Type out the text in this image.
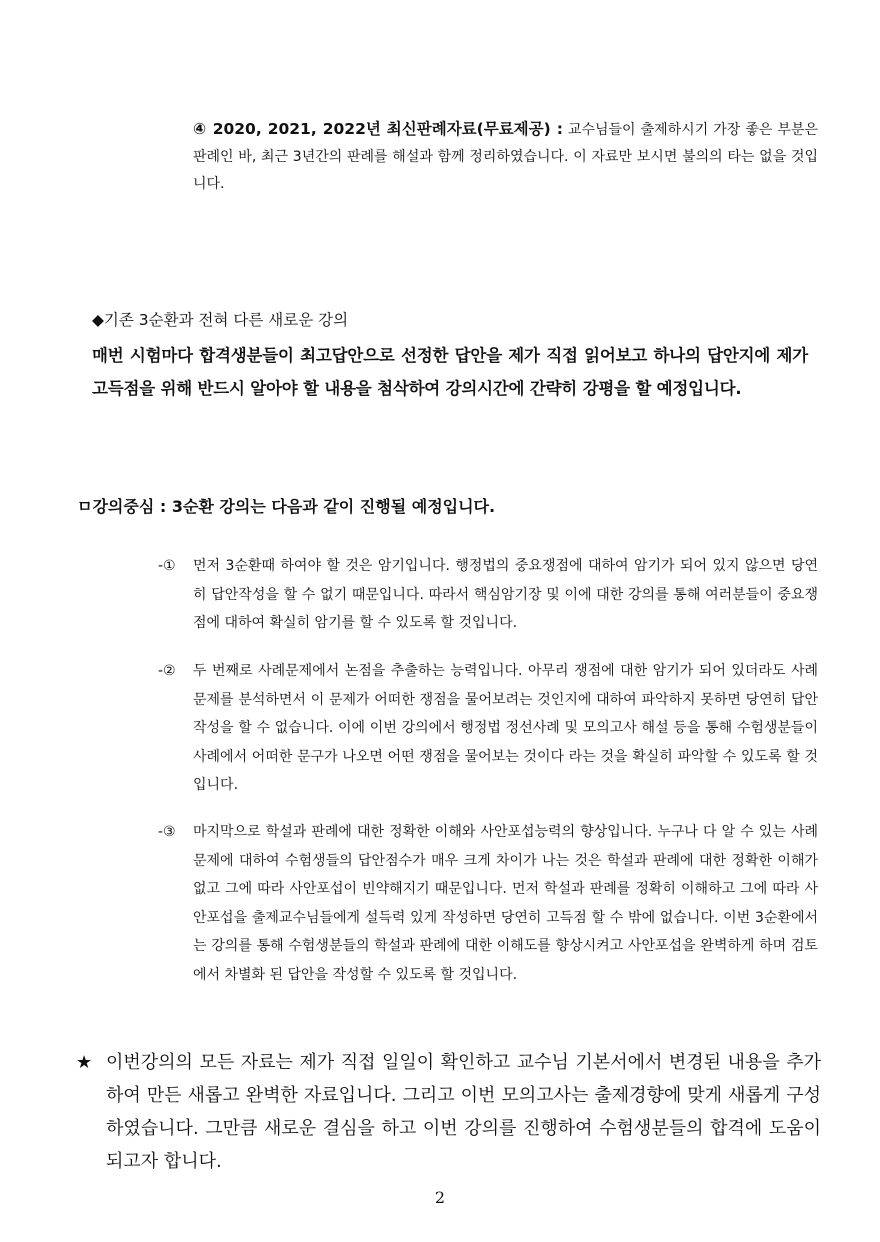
④ 2020, 2021, 2022년 최신판례자료(무료제공) : 교수님들이 출제하시기 가장 좋은 부분은 판례인 바, 최근 3년간의 판례를 해설과 함께 정리하였습니다. 이 자료만 보시면 불의의 타는 없을 것입니다.

◆기존 3순환과 전혀 다른 새로운 강의

매번 시험마다 합격생분들이 최고답안으로 선정한 답안을 제가 직접 읽어보고 하나의 답안지에 제가 고득점을 위해 반드시 알아야 할 내용을 첨삭하여 강의시간에 간략히 강평을 할 예정입니다.

ㅁ강의중심 : 3순환 강의는 다음과 같이 진행될 예정입니다.

-①	먼저 3순환때 하여야 할 것은 암기입니다. 행정법의 중요쟁점에 대하여 암기가 되어 있지 않으면 당연히 답안작성을 할 수 없기 때문입니다. 따라서 핵심암기장 및 이에 대한 강의를 통해 여러분들이 중요쟁점에 대하여 확실히 암기를 할 수 있도록 할 것입니다.
-②	두 번째로 사례문제에서 논점을 추출하는 능력입니다. 아무리 쟁점에 대한 암기가 되어 있더라도 사례문제를 분석하면서 이 문제가 어떠한 쟁점을 물어보려는 것인지에 대하여 파악하지 못하면 당연히 답안작성을 할 수 없습니다. 이에 이번 강의에서 행정법 정선사례 및 모의고사 해설 등을 통해 수험생분들이 사례에서 어떠한 문구가 나오면 어떤 쟁점을 물어보는 것이다 라는 것을 확실히 파악할 수 있도록 할 것입니다.
-③	마지막으로 학설과 판례에 대한 정확한 이해와 사안포섭능력의 향상입니다. 누구나 다 알 수 있는 사례문제에 대하여 수험생들의 답안점수가 매우 크게 차이가 나는 것은 학설과 판례에 대한 정확한 이해가 없고 그에 따라 사안포섭이 빈약해지기 때문입니다. 먼저 학설과 판례를 정확히 이해하고 그에 따라 사안포섭을 출제교수님들에게 설득력 있게 작성하면 당연히 고득점 할 수 밖에 없습니다. 이번 3순환에서는 강의를 통해 수험생분들의 학설과 판례에 대한 이해도를 향상시켜고 사안포섭을 완벽하게 하며 검토에서 차별화 된 답안을 작성할 수 있도록 할 것입니다.
★ 이번강의의 모든 자료는 제가 직접 일일이 확인하고 교수님 기본서에서 변경된 내용을 추가하여 만든 새롭고 완벽한 자료입니다. 그리고 이번 모의고사는 출제경향에 맞게 새롭게 구성하였습니다. 그만큼 새로운 결심을 하고 이번 강의를 진행하여 수험생분들의 합격에 도움이 되고자 합니다.
2
